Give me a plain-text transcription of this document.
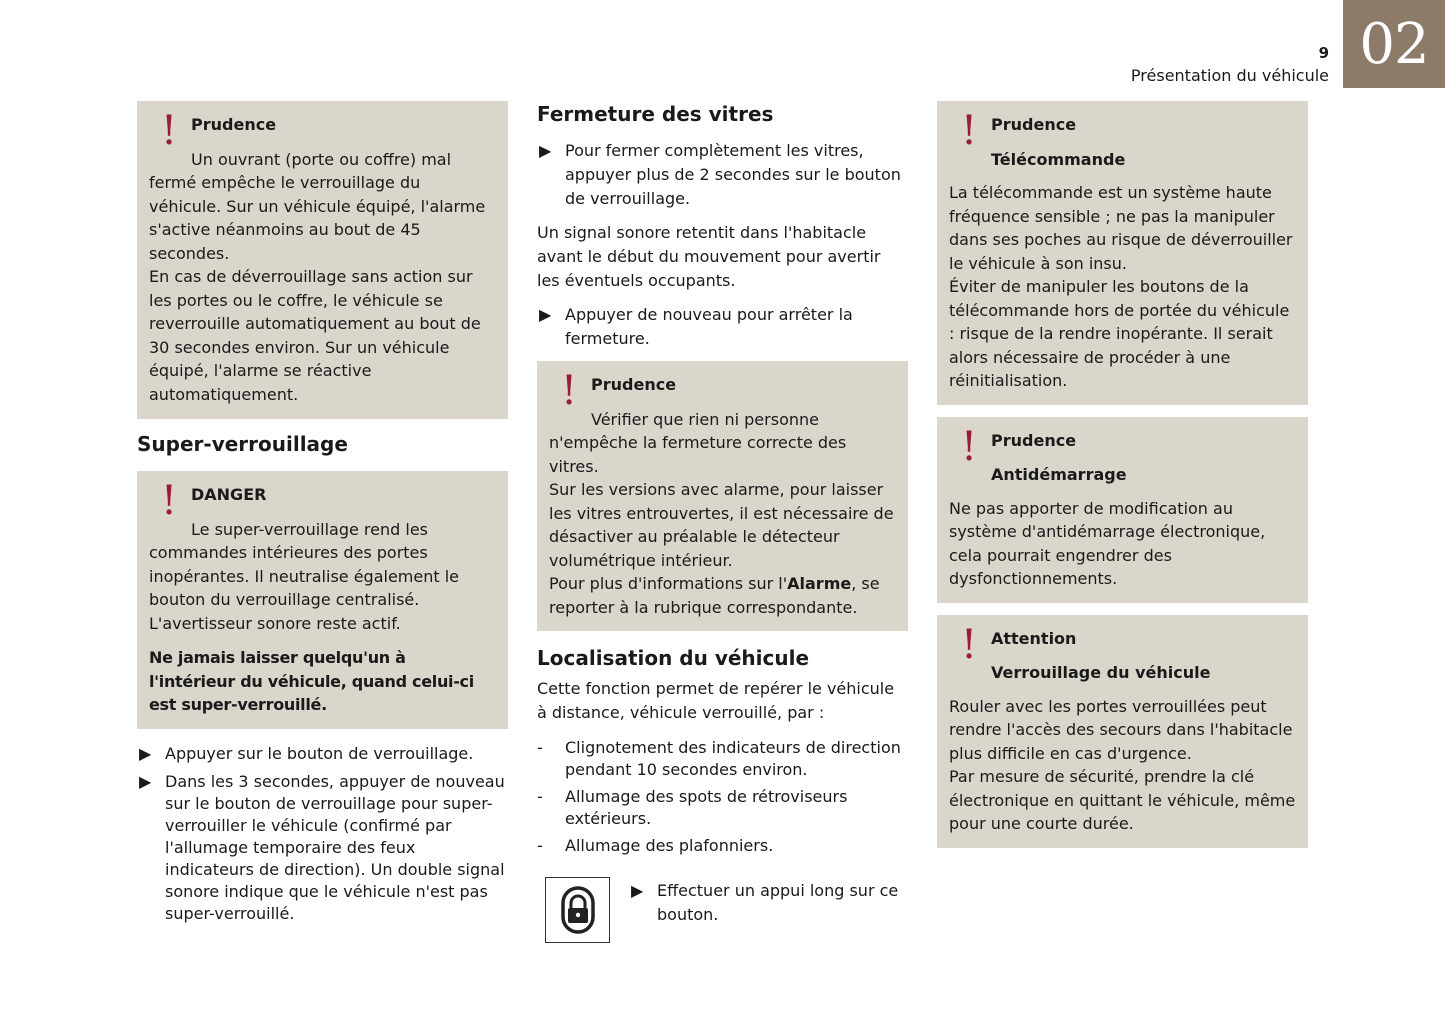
02
9
Présentation du véhicule
! Prudence

Un ouvrant (porte ou coffre) mal fermé empêche le verrouillage du véhicule. Sur un véhicule équipé, l'alarme s'active néanmoins au bout de 45 secondes.

En cas de déverrouillage sans action sur les portes ou le coffre, le véhicule se reverrouille automatiquement au bout de 30 secondes environ. Sur un véhicule équipé, l'alarme se réactive automatiquement.

Super-verrouillage
! DANGER

Le super-verrouillage rend les commandes intérieures des portes inopérantes. Il neutralise également le bouton du verrouillage centralisé. L'avertisseur sonore reste actif.

Ne jamais laisser quelqu'un à l'intérieur du véhicule, quand celui-ci est super-verrouillé.

▶ Appuyer sur le bouton de verrouillage.
▶ Dans les 3 secondes, appuyer de nouveau sur le bouton de verrouillage pour super-verrouiller le véhicule (confirmé par l'allumage temporaire des feux indicateurs de direction). Un double signal sonore indique que le véhicule n'est pas super-verrouillé.
Fermeture des vitres
▶ Pour fermer complètement les vitres, appuyer plus de 2 secondes sur le bouton de verrouillage.

Un signal sonore retentit dans l'habitacle avant le début du mouvement pour avertir les éventuels occupants.

▶ Appuyer de nouveau pour arrêter la fermeture.
! Prudence

Vérifier que rien ni personne n'empêche la fermeture correcte des vitres.

Sur les versions avec alarme, pour laisser les vitres entrouvertes, il est nécessaire de désactiver au préalable le détecteur volumétrique intérieur.

Pour plus d'informations sur l'Alarme, se reporter à la rubrique correspondante.

Localisation du véhicule

Cette fonction permet de repérer le véhicule à distance, véhicule verrouillé, par :

- Clignotement des indicateurs de direction pendant 10 secondes environ.
- Allumage des spots de rétroviseurs extérieurs.
- Allumage des plafonniers.
▶ Effectuer un appui long sur ce bouton.
! Prudence
Télécommande

La télécommande est un système haute fréquence sensible ; ne pas la manipuler dans ses poches au risque de déverrouiller le véhicule à son insu.

Éviter de manipuler les boutons de la télécommande hors de portée du véhicule : risque de la rendre inopérante. Il serait alors nécessaire de procéder à une réinitialisation.

! Prudence
Antidémarrage

Ne pas apporter de modification au système d'antidémarrage électronique, cela pourrait engendrer des dysfonctionnements.

! Attention
Verrouillage du véhicule

Rouler avec les portes verrouillées peut rendre l'accès des secours dans l'habitacle plus difficile en cas d'urgence.

Par mesure de sécurité, prendre la clé électronique en quittant le véhicule, même pour une courte durée.
